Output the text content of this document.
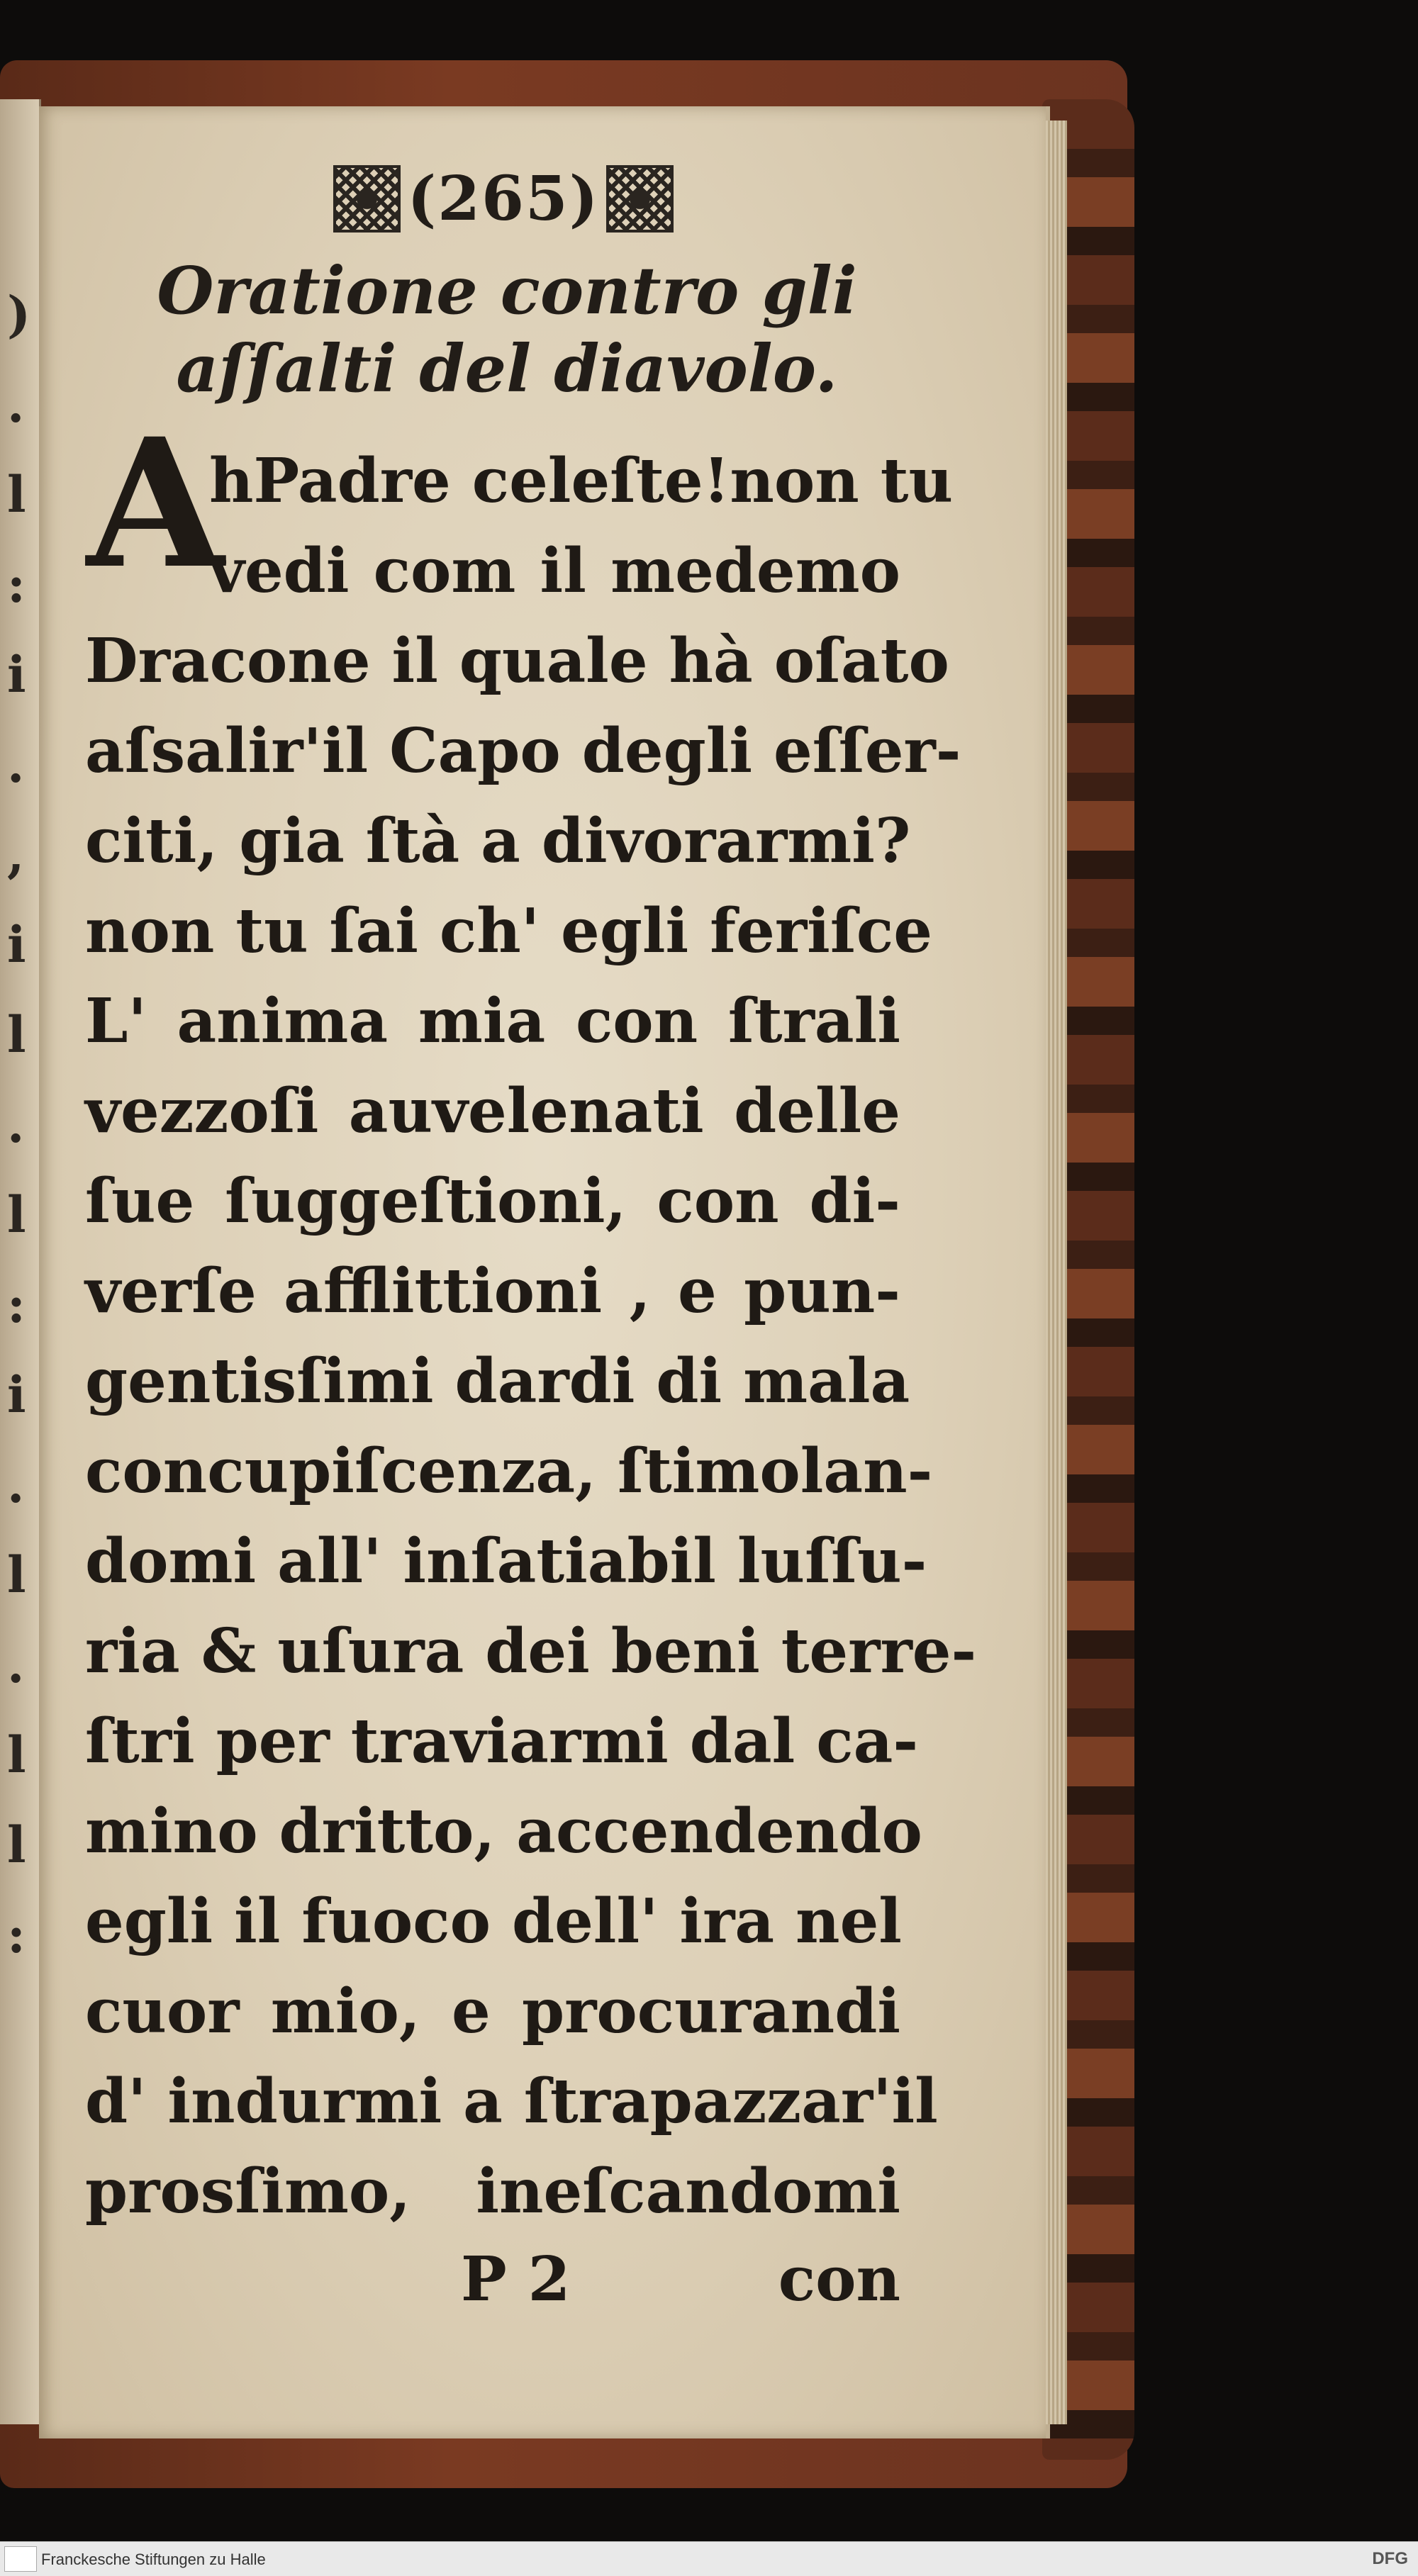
)
.
l
:
i
.
,
i
l
.
l
:
i
.
l
.
l
l
:
(265)
Oratione contro gli aſſalti del diavolo.
A
hPadre celeſte!non tu
vedi com il medemo
Dracone il quale hà oſato
aſsalir'il Capo degli eſſer-
citi, gia ſtà a divorarmi?
non tu ſai ch' egli feriſce
L' anima mia con ſtrali
vezzoſi auvelenati delle
ſue ſuggeſtioni, con di-
verſe afflittioni , e pun-
gentisſimi dardi di mala
concupiſcenza, ſtimolan-
domi all' inſatiabil luſſu-
ria & uſura dei beni terre-
ſtri per traviarmi dal ca-
mino dritto, accendendo
egli il fuoco dell' ira nel
cuor mio, e procurandi
d' indurmi a ſtrapazzar'il
prosſimo, ineſcandomi
P 2	con
Franckesche Stiftungen zu Halle	DFG
